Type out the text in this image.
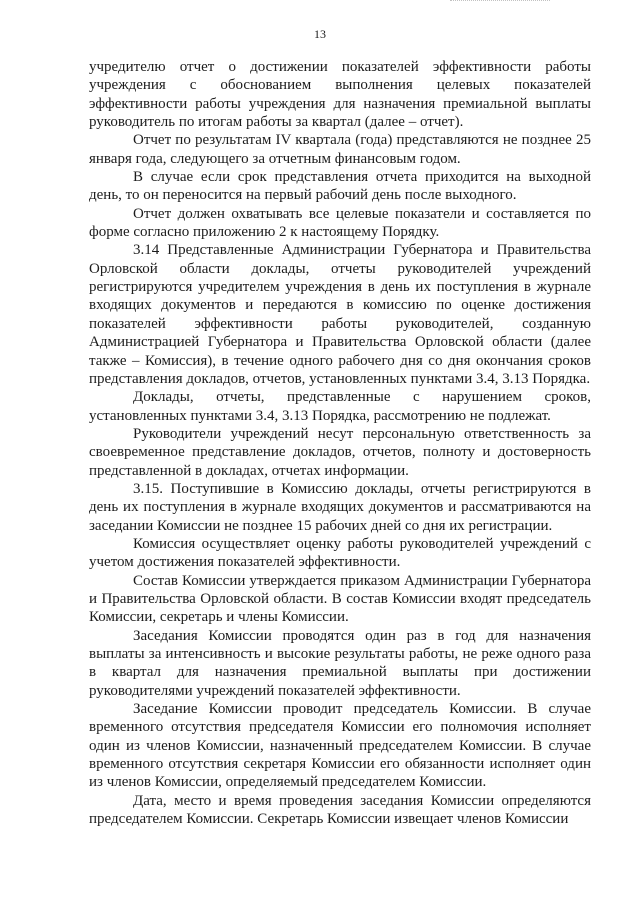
13

учредителю отчет о достижении показателей эффективности работы учреждения с обоснованием выполнения целевых показателей эффективности работы учреждения для назначения премиальной выплаты руководитель по итогам работы за квартал (далее – отчет).

Отчет по результатам IV квартала (года) представляются не позднее 25 января года, следующего за отчетным финансовым годом.

В случае если срок представления отчета приходится на выходной день, то он переносится на первый рабочий день после выходного.

Отчет должен охватывать все целевые показатели и составляется по форме согласно приложению 2 к настоящему Порядку.

3.14 Представленные Администрации Губернатора и Правительства Орловской области доклады, отчеты руководителей учреждений регистрируются учредителем учреждения в день их поступления в журнале входящих документов и передаются в комиссию по оценке достижения показателей эффективности работы руководителей, созданную Администрацией Губернатора и Правительства Орловской области (далее также – Комиссия), в течение одного рабочего дня со дня окончания сроков представления докладов, отчетов, установленных пунктами 3.4, 3.13 Порядка.

Доклады, отчеты, представленные с нарушением сроков, установленных пунктами 3.4, 3.13 Порядка, рассмотрению не подлежат.

Руководители учреждений несут персональную ответственность за своевременное представление докладов, отчетов, полноту и достоверность представленной в докладах, отчетах информации.

3.15. Поступившие в Комиссию доклады, отчеты регистрируются в день их поступления в журнале входящих документов и рассматриваются на заседании Комиссии не позднее 15 рабочих дней со дня их регистрации.

Комиссия осуществляет оценку работы руководителей учреждений с учетом достижения показателей эффективности.

Состав Комиссии утверждается приказом Администрации Губернатора и Правительства Орловской области. В состав Комиссии входят председатель Комиссии, секретарь и члены Комиссии.

Заседания Комиссии проводятся один раз в год для назначения выплаты за интенсивность и высокие результаты работы, не реже одного раза в квартал для назначения премиальной выплаты при достижении руководителями учреждений показателей эффективности.

Заседание Комиссии проводит председатель Комиссии. В случае временного отсутствия председателя Комиссии его полномочия исполняет один из членов Комиссии, назначенный председателем Комиссии. В случае временного отсутствия секретаря Комиссии его обязанности исполняет один из членов Комиссии, определяемый председателем Комиссии.

Дата, место и время проведения заседания Комиссии определяются председателем Комиссии. Секретарь Комиссии извещает членов Комиссии
